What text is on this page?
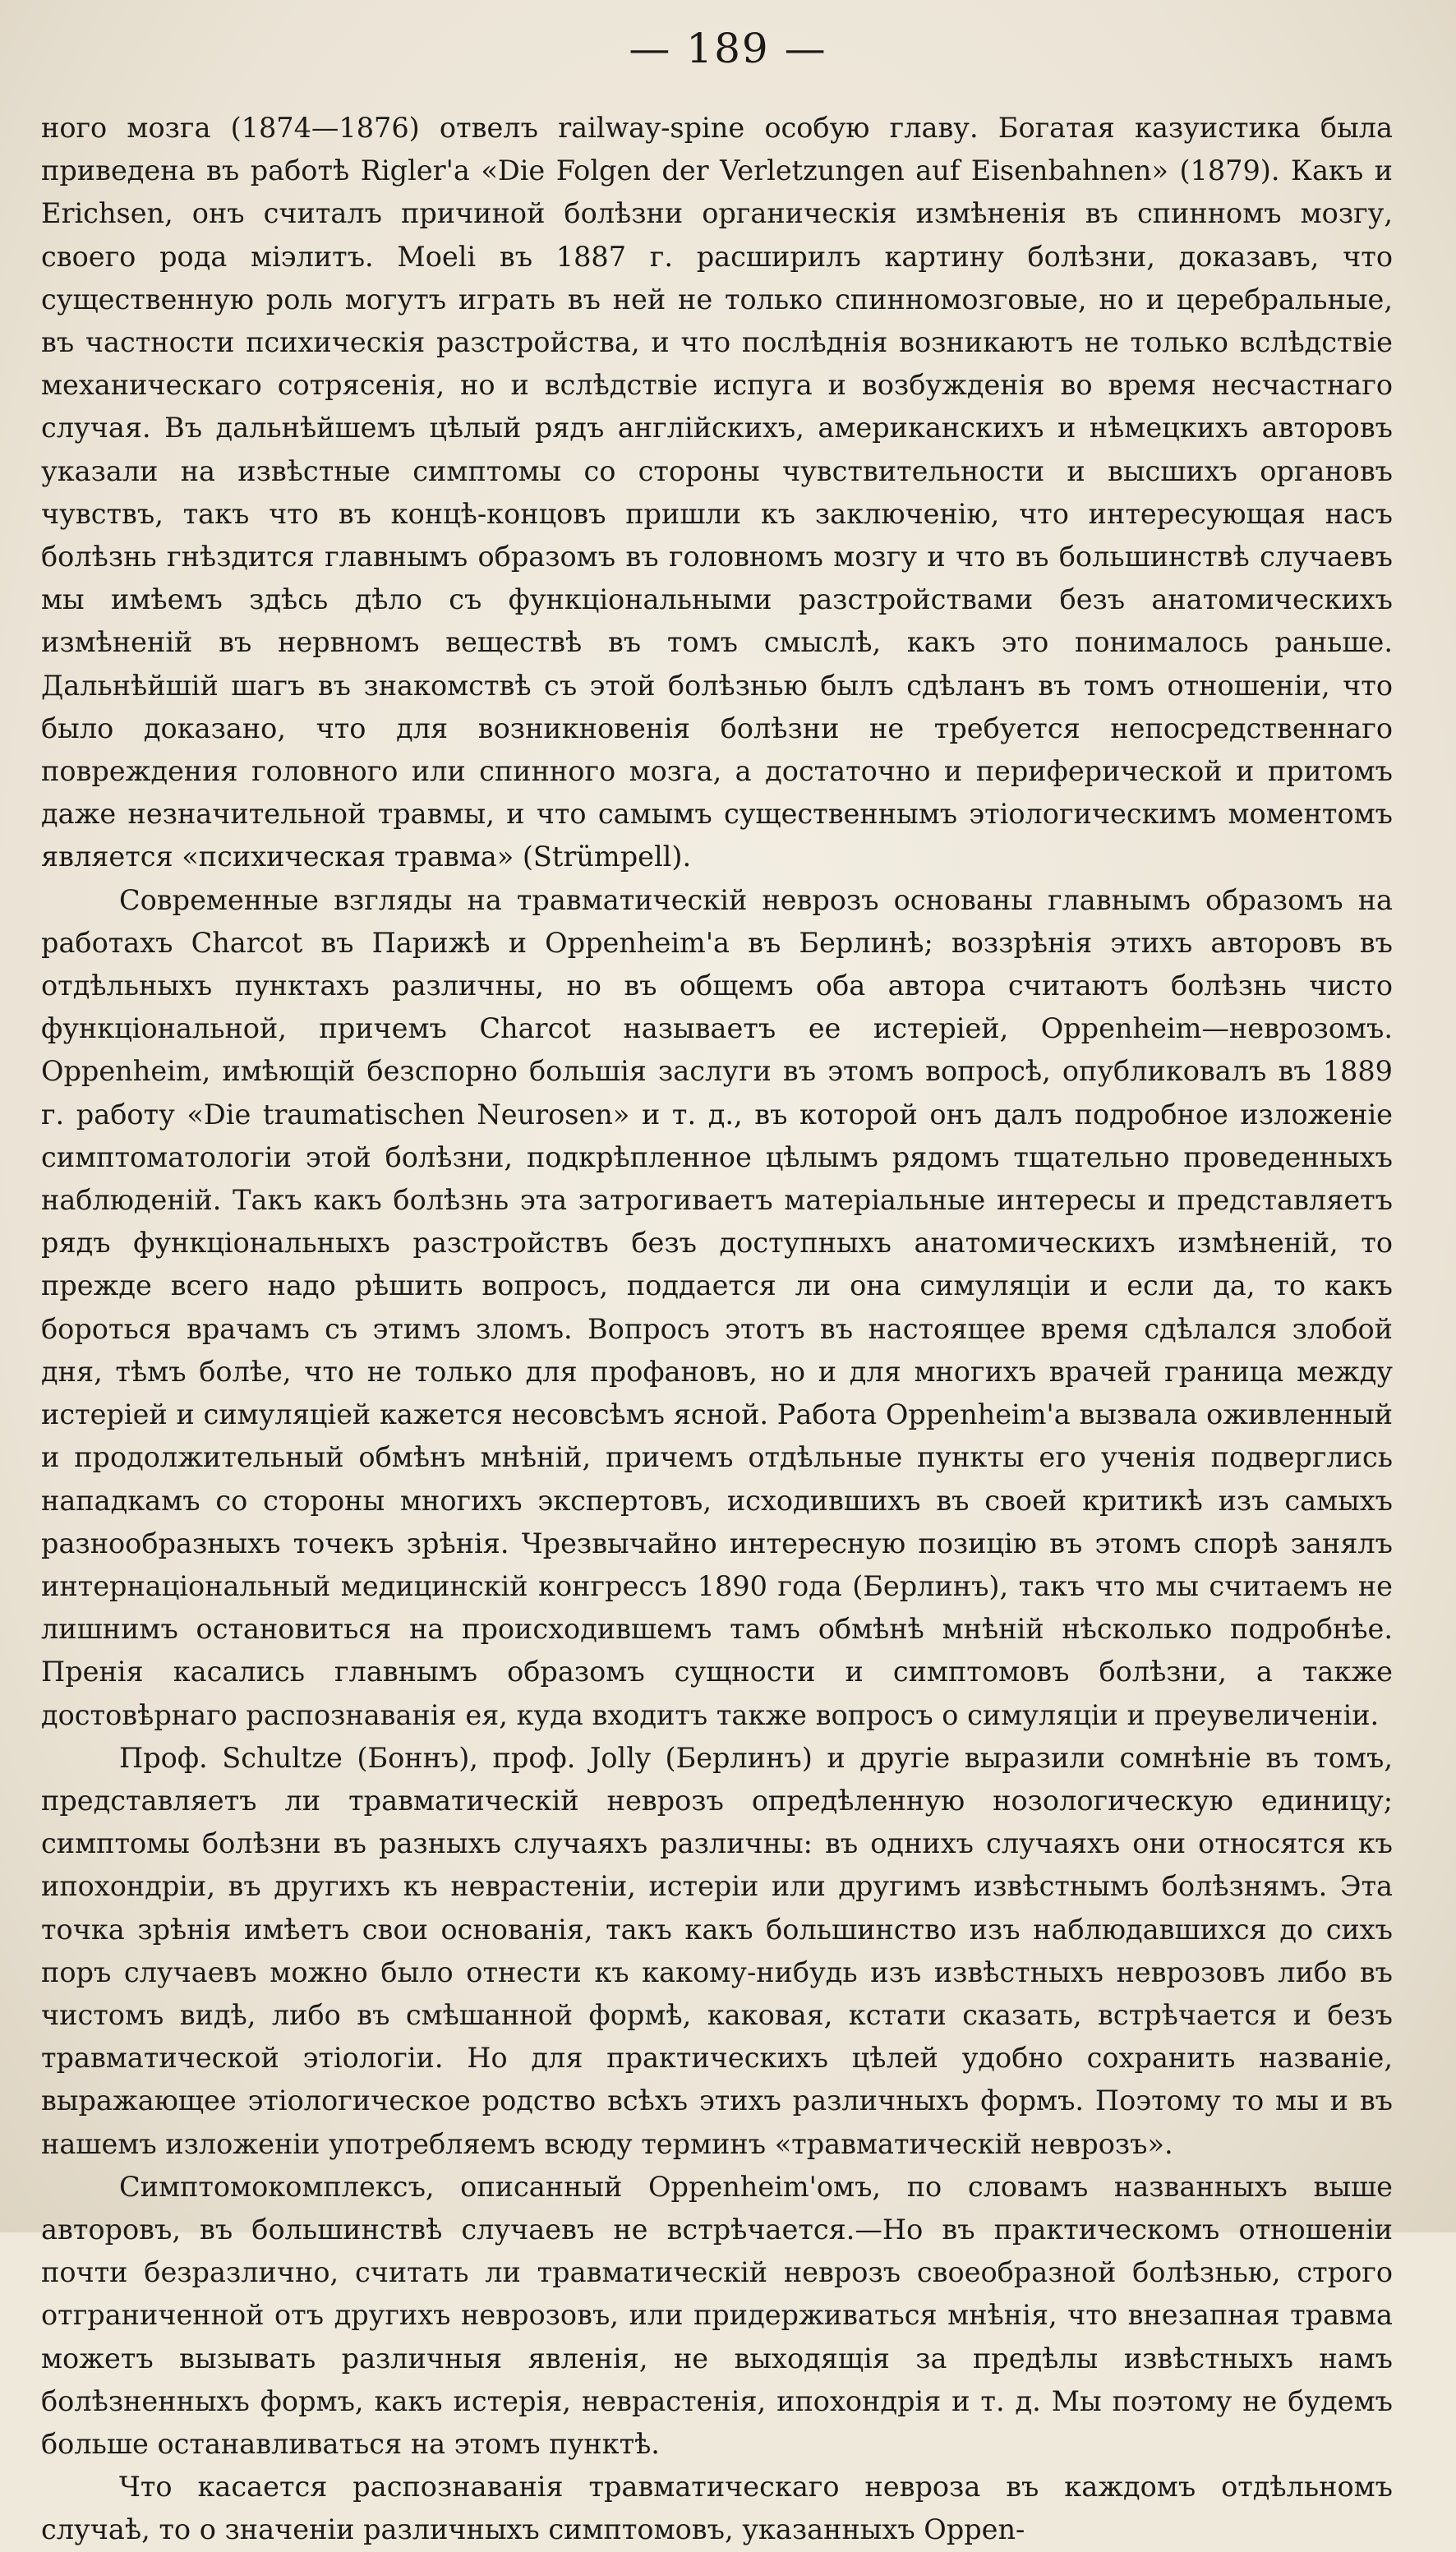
— 189 —

ного мозга (1874—1876) отвелъ railway-spine особую главу. Богатая казуистика была приведена въ работѣ Rigler'a «Die Folgen der Verletzungen auf Eisenbahnen» (1879). Какъ и Erichsen, онъ считалъ причиной болѣзни органическія измѣненія въ спинномъ мозгу, своего рода міэлитъ. Moeli въ 1887 г. расширилъ картину болѣзни, доказавъ, что существенную роль могутъ играть въ ней не только спинномозговые, но и церебральные, въ частности психическія разстройства, и что послѣднія возникаютъ не только вслѣдствіе механическаго сотрясенія, но и вслѣдствіе испуга и возбужденія во время несчастнаго случая. Въ дальнѣйшемъ цѣлый рядъ англійскихъ, американскихъ и нѣмецкихъ авторовъ указали на извѣстные симптомы со стороны чувствительности и высшихъ органовъ чувствъ, такъ что въ концѣ-концовъ пришли къ заключенію, что интересующая насъ болѣзнь гнѣздится главнымъ образомъ въ головномъ мозгу и что въ большинствѣ случаевъ мы имѣемъ здѣсь дѣло съ функціональными разстройствами безъ анатомическихъ измѣненій въ нервномъ веществѣ въ томъ смыслѣ, какъ это понималось раньше. Дальнѣйшій шагъ въ знакомствѣ съ этой болѣзнью былъ сдѣланъ въ томъ отношеніи, что было доказано, что для возникновенія болѣзни не требуется непосредственнаго повреждения головного или спинного мозга, а достаточно и периферической и притомъ даже незначительной травмы, и что самымъ существеннымъ этіологическимъ моментомъ является «психическая травма» (Strümpell).

Современные взгляды на травматическій неврозъ основаны главнымъ образомъ на работахъ Charcot въ Парижѣ и Oppenheim'a въ Берлинѣ; воззрѣнія этихъ авторовъ въ отдѣльныхъ пунктахъ различны, но въ общемъ оба автора считаютъ болѣзнь чисто функціональной, причемъ Charcot называетъ ее истеріей, Oppenheim—неврозомъ. Oppenheim, имѣющій безспорно большія заслуги въ этомъ вопросѣ, опубликовалъ въ 1889 г. работу «Die traumatischen Neurosen» и т. д., въ которой онъ далъ подробное изложеніе симптоматологіи этой болѣзни, подкрѣпленное цѣлымъ рядомъ тщательно проведенныхъ наблюденій. Такъ какъ болѣзнь эта затрогиваетъ матеріальные интересы и представляетъ рядъ функціональныхъ разстройствъ безъ доступныхъ анатомическихъ измѣненій, то прежде всего надо рѣшить вопросъ, поддается ли она симуляціи и если да, то какъ бороться врачамъ съ этимъ зломъ. Вопросъ этотъ въ настоящее время сдѣлался злобой дня, тѣмъ болѣе, что не только для профановъ, но и для многихъ врачей граница между истеріей и симуляціей кажется несовсѣмъ ясной. Работа Oppenheim'a вызвала оживленный и продолжительный обмѣнъ мнѣній, причемъ отдѣльные пункты его ученія подверглись нападкамъ со стороны многихъ экспертовъ, исходившихъ въ своей критикѣ изъ самыхъ разнообразныхъ точекъ зрѣнія. Чрезвычайно интересную позицію въ этомъ спорѣ занялъ интернаціональный медицинскій конгрессъ 1890 года (Берлинъ), такъ что мы считаемъ не лишнимъ остановиться на происходившемъ тамъ обмѣнѣ мнѣній нѣсколько подробнѣе. Пренія касались главнымъ образомъ сущности и симптомовъ болѣзни, а также достовѣрнаго распознаванія ея, куда входитъ также вопросъ о симуляціи и преувеличеніи.

Проф. Schultze (Боннъ), проф. Jolly (Берлинъ) и другіе выразили сомнѣніе въ томъ, представляетъ ли травматическій неврозъ опредѣленную нозологическую единицу; симптомы болѣзни въ разныхъ случаяхъ различны: въ однихъ случаяхъ они относятся къ ипохондріи, въ другихъ къ неврастеніи, истеріи или другимъ извѣстнымъ болѣзнямъ. Эта точка зрѣнія имѣетъ свои основанія, такъ какъ большинство изъ наблюдавшихся до сихъ поръ случаевъ можно было отнести къ какому-нибудь изъ извѣстныхъ неврозовъ либо въ чистомъ видѣ, либо въ смѣшанной формѣ, каковая, кстати сказать, встрѣчается и безъ травматической этіологіи. Но для практическихъ цѣлей удобно сохранить названіе, выражающее этіологическое родство всѣхъ этихъ различныхъ формъ. Поэтому то мы и въ нашемъ изложеніи употребляемъ всюду терминъ «травматическій неврозъ».

Симптомокомплексъ, описанный Oppenheim'омъ, по словамъ названныхъ выше авторовъ, въ большинствѣ случаевъ не встрѣчается.—Но въ практическомъ отношеніи почти безразлично, считать ли травматическій неврозъ своеобразной болѣзнью, строго отграниченной отъ другихъ неврозовъ, или придерживаться мнѣнія, что внезапная травма можетъ вызывать различныя явленія, не выходящія за предѣлы извѣстныхъ намъ болѣзненныхъ формъ, какъ истерія, неврастенія, ипохондрія и т. д. Мы поэтому не будемъ больше останавливаться на этомъ пунктѣ.

Что касается распознаванія травматическаго невроза въ каждомъ отдѣльномъ случаѣ, то о значеніи различныхъ симптомовъ, указанныхъ Oppen-
